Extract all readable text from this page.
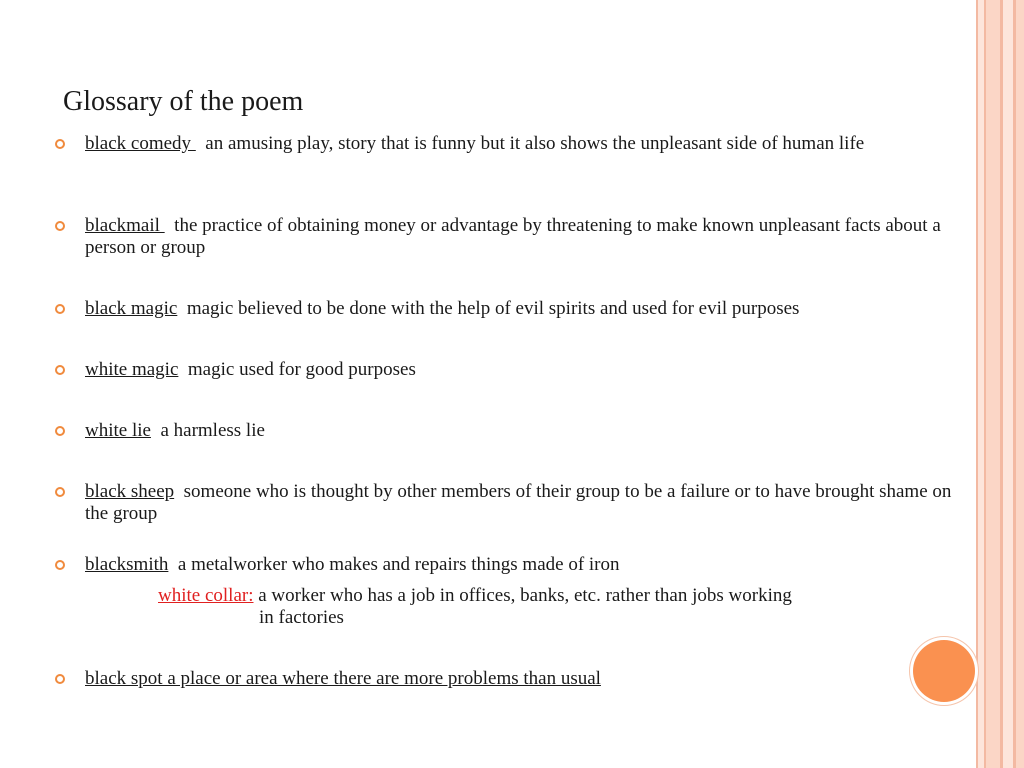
Glossary of the poem
black comedy   an amusing play, story that is funny but it also shows the unpleasant side of human life
blackmail   the practice of obtaining money or advantage by threatening to make known unpleasant facts about a person or group
black magic  magic believed to be done with the help of evil spirits and used for evil purposes
white magic  magic used for good purposes
white lie  a harmless lie
black sheep  someone who is thought by other members of their group to be a failure or to have brought shame on the group
blacksmith  a metalworker who makes and repairs things made of iron
white collar: a worker who has a job in offices, banks, etc. rather than jobs working
in factories
black spot a place or area where there are more problems than usual
